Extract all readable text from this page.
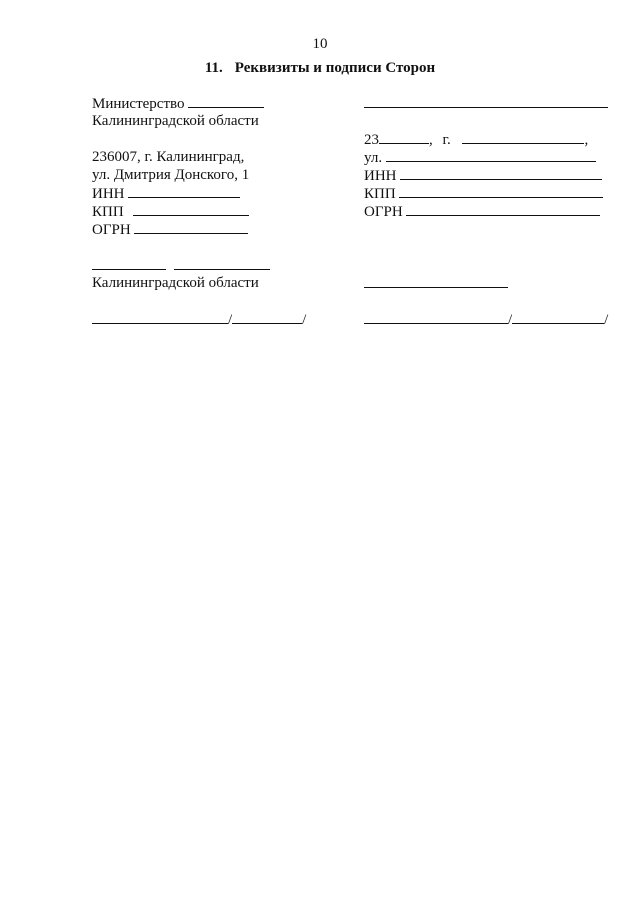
10
11. Реквизиты и подписи Сторон
Министерство
Калининградской области
236007, г. Калининград,
ул. Дмитрия Донского, 1
ИНН
КПП
ОГРН

Калининградской области
/	/
23	, г.	,
ул.
ИНН
КПП
ОГРН
/	/
